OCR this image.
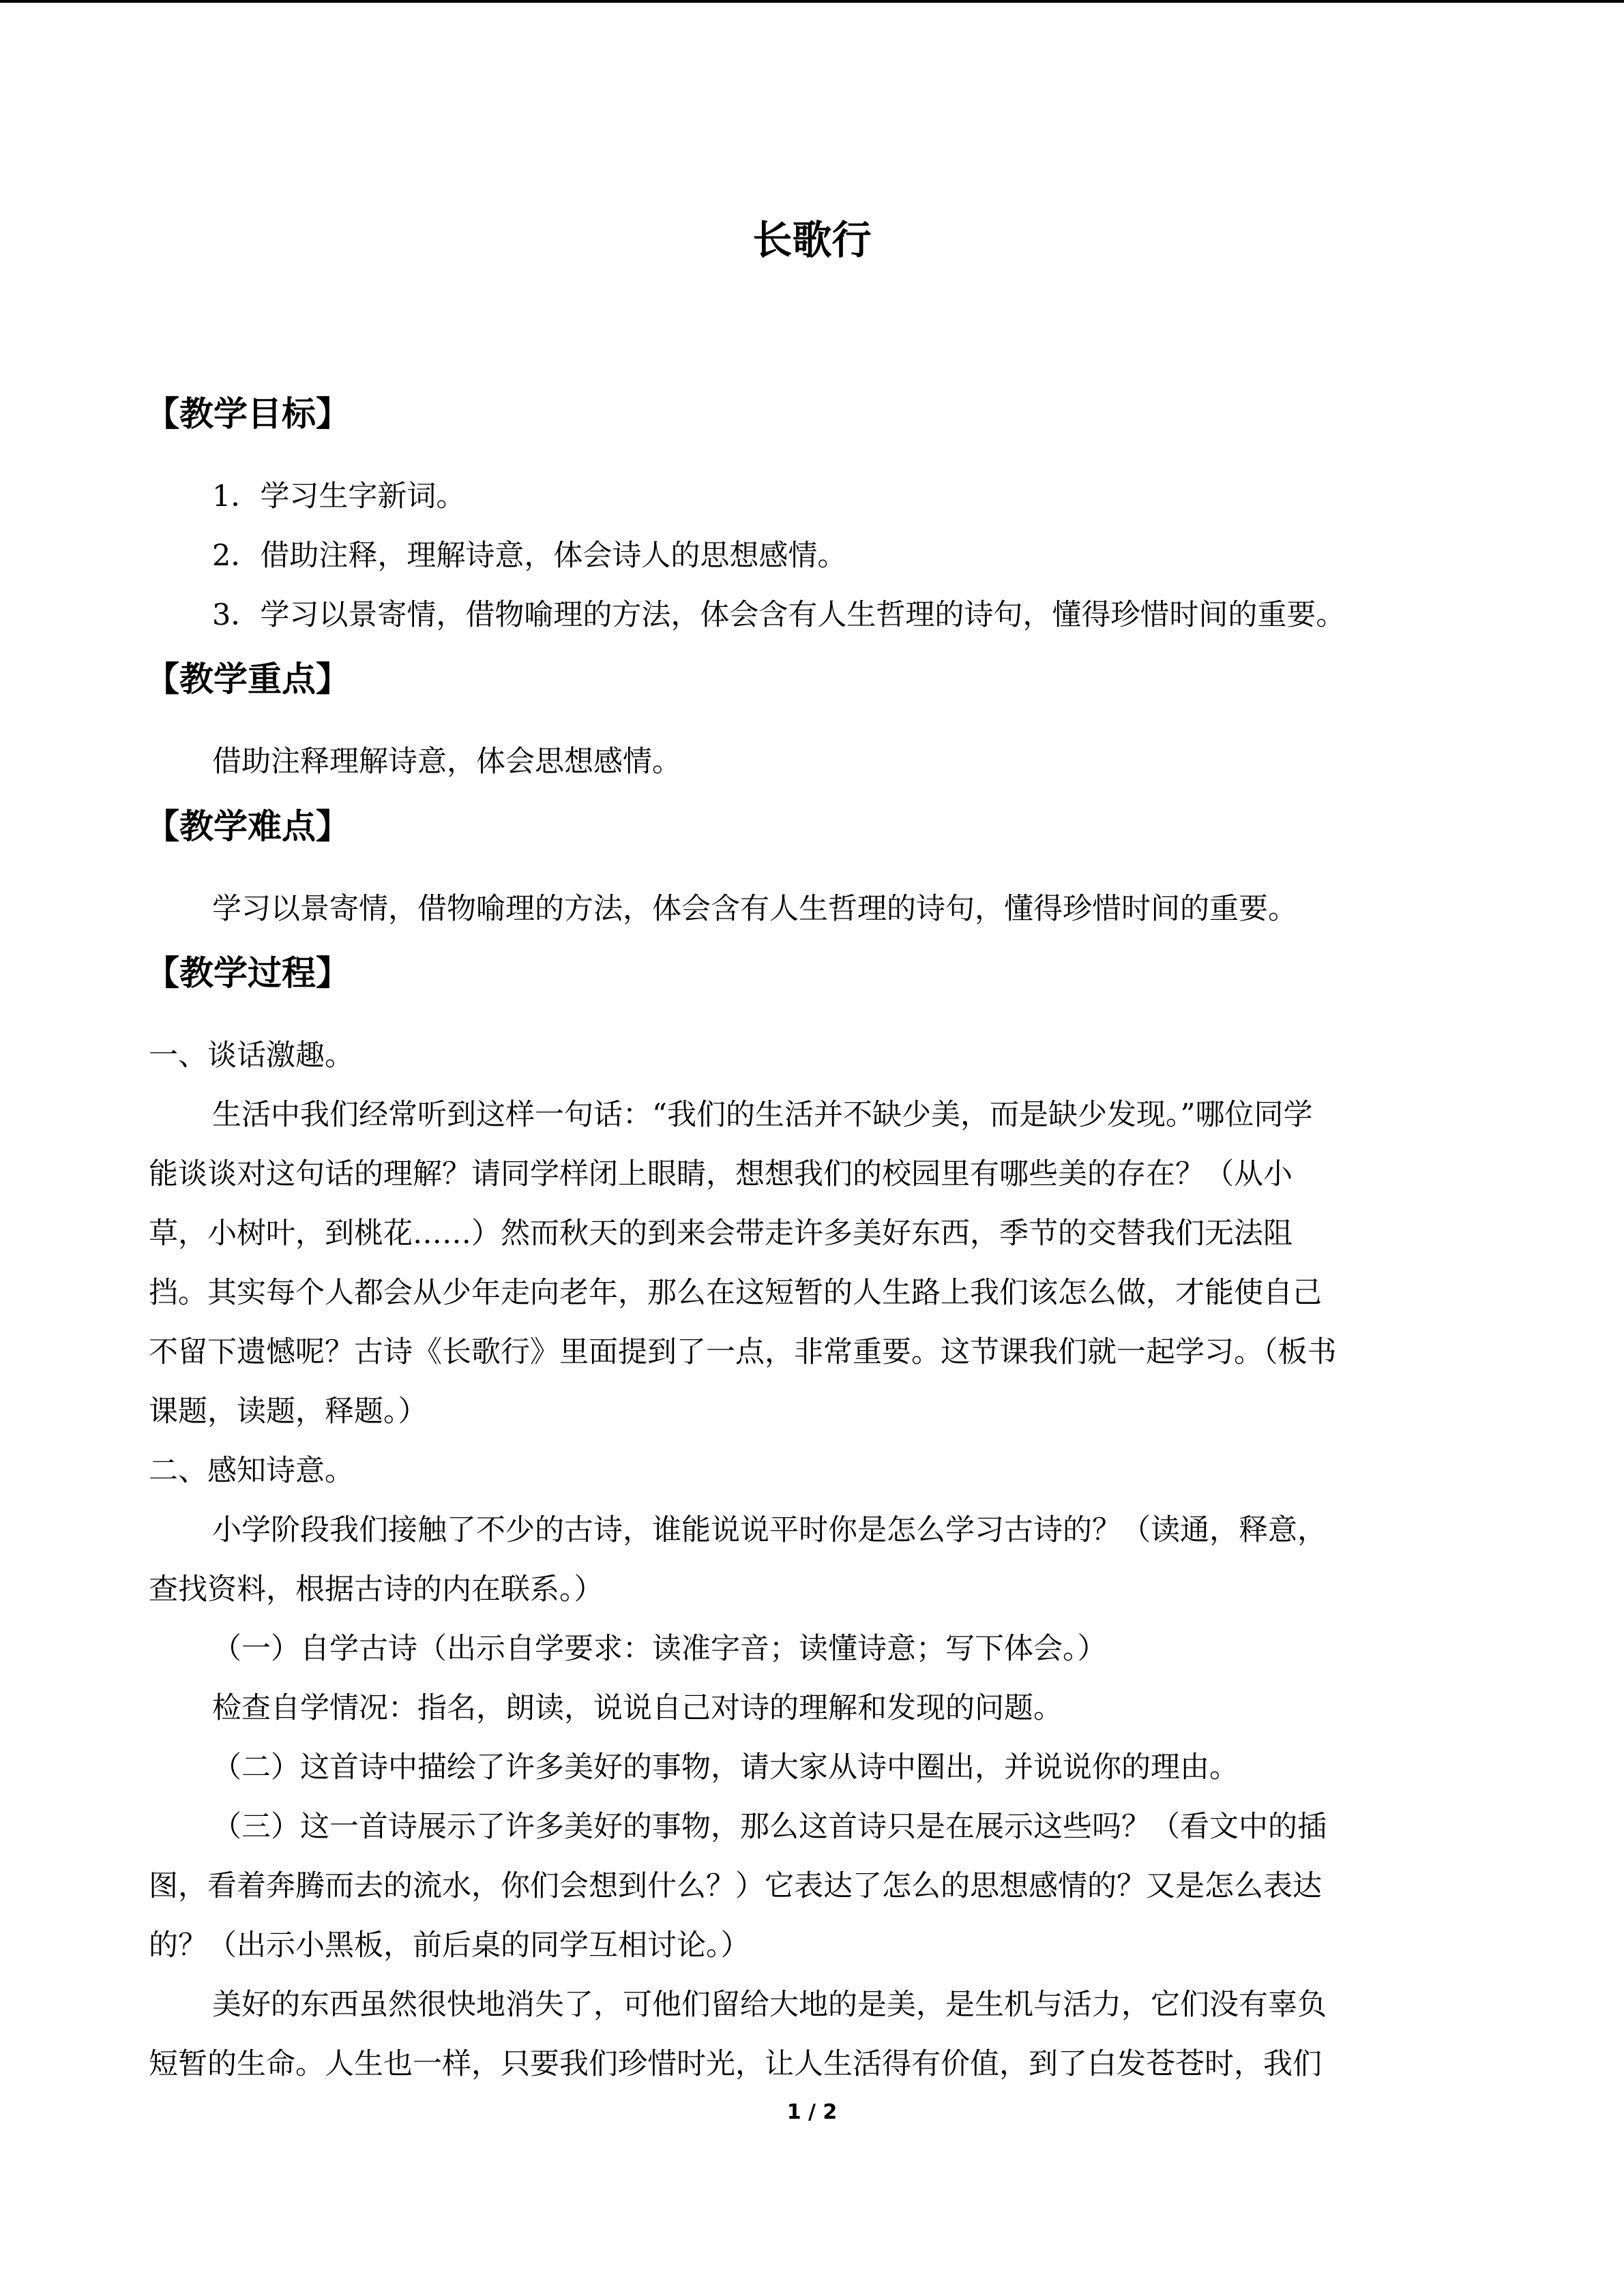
长歌行
【教学目标】
1．学习生字新词。
2．借助注释，理解诗意，体会诗人的思想感情。
3．学习以景寄情，借物喻理的方法，体会含有人生哲理的诗句，懂得珍惜时间的重要。
【教学重点】
借助注释理解诗意，体会思想感情。
【教学难点】
学习以景寄情，借物喻理的方法，体会含有人生哲理的诗句，懂得珍惜时间的重要。
【教学过程】
一、谈话激趣。
生活中我们经常听到这样一句话：“我们的生活并不缺少美，而是缺少发现。”哪位同学
能谈谈对这句话的理解？请同学样闭上眼睛，想想我们的校园里有哪些美的存在？（从小
草，小树叶，到桃花……）然而秋天的到来会带走许多美好东西，季节的交替我们无法阻
挡。其实每个人都会从少年走向老年，那么在这短暂的人生路上我们该怎么做，才能使自己
不留下遗憾呢？古诗《长歌行》里面提到了一点，非常重要。这节课我们就一起学习。（板书
课题，读题，释题。）
二、感知诗意。
小学阶段我们接触了不少的古诗，谁能说说平时你是怎么学习古诗的？（读通，释意，
查找资料，根据古诗的内在联系。）
（一）自学古诗（出示自学要求：读准字音；读懂诗意；写下体会。）
检查自学情况：指名，朗读，说说自己对诗的理解和发现的问题。
（二）这首诗中描绘了许多美好的事物，请大家从诗中圈出，并说说你的理由。
（三）这一首诗展示了许多美好的事物，那么这首诗只是在展示这些吗？（看文中的插
图，看着奔腾而去的流水，你们会想到什么？）它表达了怎么的思想感情的？又是怎么表达
的？（出示小黑板，前后桌的同学互相讨论。）
美好的东西虽然很快地消失了，可他们留给大地的是美，是生机与活力，它们没有辜负
短暂的生命。人生也一样，只要我们珍惜时光，让人生活得有价值，到了白发苍苍时，我们
1 / 2
